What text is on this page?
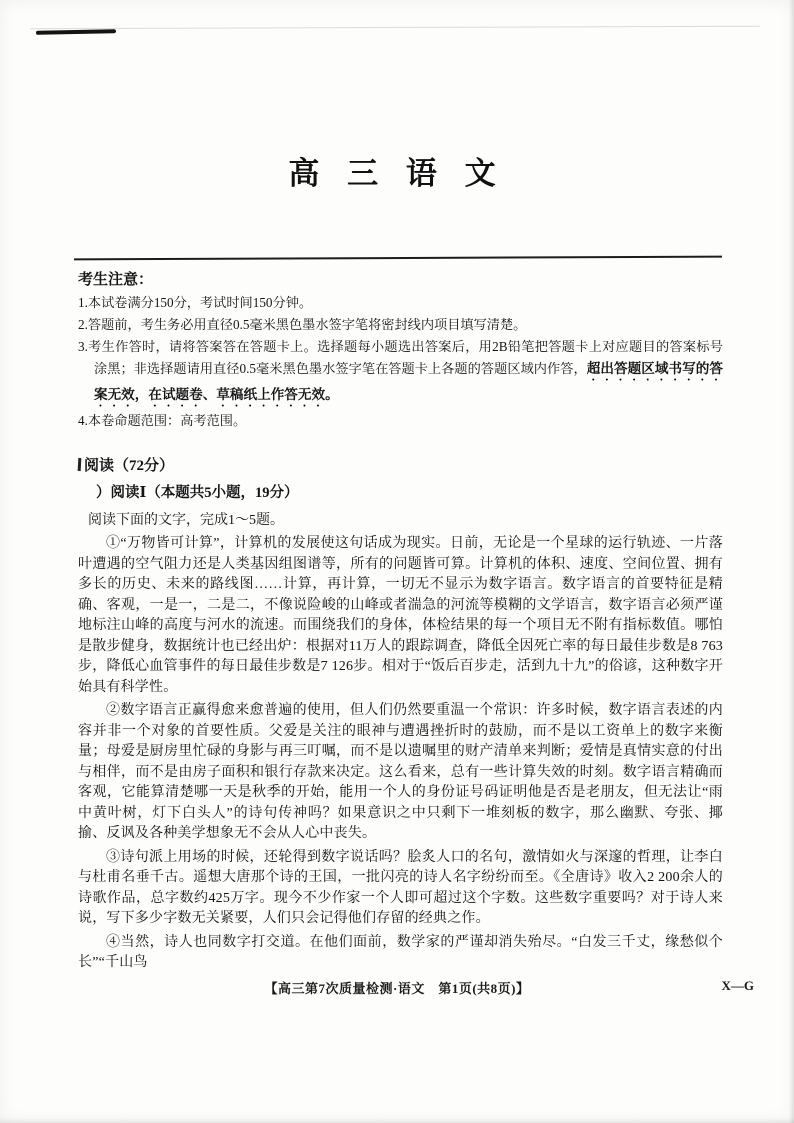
高 三 语 文
考生注意：

1.本试卷满分150分，考试时间150分钟。

2.答题前，考生务必用直径0.5毫米黑色墨水签字笔将密封线内项目填写清楚。

3.考生作答时，请将答案答在答题卡上。选择题每小题选出答案后，用2B铅笔把答题卡上对应题目的答案标号涂黑；非选择题请用直径0.5毫米黑色墨水签字笔在答题卡上各题的答题区域内作答，超出答题区域书写的答案无效，在试题卷、草稿纸上作答无效。

4.本卷命题范围：高考范围。

阅读（72分）
）阅读Ⅰ（本题共5小题，19分）
阅读下面的文字，完成1～5题。

①“万物皆可计算”，计算机的发展使这句话成为现实。日前，无论是一个星球的运行轨迹、一片落叶遭遇的空气阻力还是人类基因组图谱等，所有的问题皆可算。计算机的体积、速度、空间位置、拥有多长的历史、未来的路线图……计算，再计算，一切无不显示为数字语言。数字语言的首要特征是精确、客观，一是一，二是二，不像说险峻的山峰或者湍急的河流等模糊的文学语言，数字语言必须严谨地标注山峰的高度与河水的流速。而围绕我们的身体，体检结果的每一个项目无不附有指标数值。哪怕是散步健身，数据统计也已经出炉：根据对11万人的跟踪调查，降低全因死亡率的每日最佳步数是8 763步，降低心血管事件的每日最佳步数是7 126步。相对于“饭后百步走，活到九十九”的俗谚，这种数字开始具有科学性。

②数字语言正赢得愈来愈普遍的使用，但人们仍然要重温一个常识：许多时候，数字语言表述的内容并非一个对象的首要性质。父爱是关注的眼神与遭遇挫折时的鼓励，而不是以工资单上的数字来衡量；母爱是厨房里忙碌的身影与再三叮嘱，而不是以遗嘱里的财产清单来判断；爱情是真情实意的付出与相伴，而不是由房子面积和银行存款来决定。这么看来，总有一些计算失效的时刻。数字语言精确而客观，它能算清楚哪一天是秋季的开始，能用一个人的身份证号码证明他是否是老朋友，但无法让“雨中黄叶树，灯下白头人”的诗句传神吗？如果意识之中只剩下一堆刻板的数字，那么幽默、夸张、揶揄、反讽及各种美学想象无不会从人心中丧失。

③诗句派上用场的时候，还轮得到数字说话吗？脍炙人口的名句，激情如火与深邃的哲理，让李白与杜甫名垂千古。遥想大唐那个诗的王国，一批闪亮的诗人名字纷纷而至。《全唐诗》收入2 200余人的诗歌作品，总字数约425万字。现今不少作家一个人即可超过这个字数。这些数字重要吗？对于诗人来说，写下多少字数无关紧要，人们只会记得他们存留的经典之作。

④当然，诗人也同数字打交道。在他们面前，数学家的严谨却消失殆尽。“白发三千丈，缘愁似个长”“千山鸟

【高三第7次质量检测·语文　第1页(共8页)】	X—G
